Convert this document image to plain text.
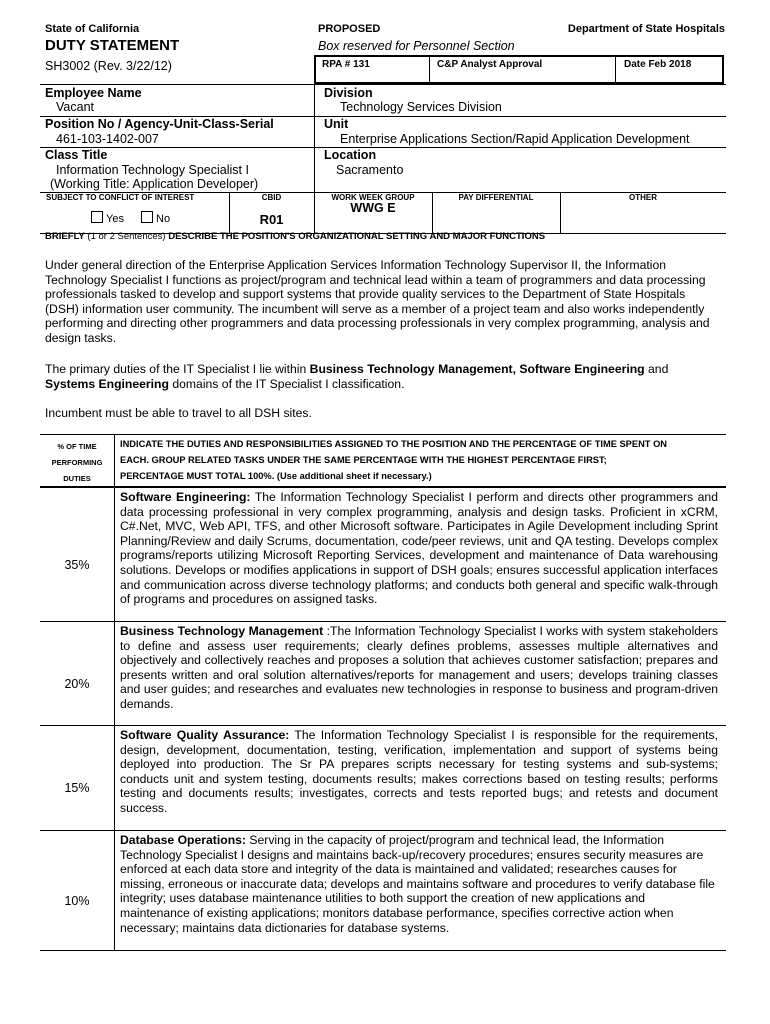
State of California
DUTY STATEMENT
SH3002 (Rev. 3/22/12)
PROPOSED	Department of State Hospitals
Box reserved for Personnel Section
RPA # 131	C&P Analyst Approval	Date Feb 2018
Employee Name
Vacant
Position No / Agency-Unit-Class-Serial
461-103-1402-007
Class Title
Information Technology Specialist I
(Working Title: Application Developer)
Division
Technology Services Division
Unit
Enterprise Applications Section/Rapid Application Development
Location
Sacramento
SUBJECT TO CONFLICT OF INTEREST
Yes	No
CBID
R01
WORK WEEK GROUP
WWG E
PAY DIFFERENTIAL	OTHER
BRIEFLY (1 or 2 Sentences) DESCRIBE THE POSITION'S ORGANIZATIONAL SETTING AND MAJOR FUNCTIONS
Under general direction of the Enterprise Application Services Information Technology Supervisor II, the Information Technology Specialist I functions as project/program and technical lead within a team of programmers and data processing professionals tasked to develop and support systems that provide quality services to the Department of State Hospitals (DSH) information user community. The incumbent will serve as a member of a project team and also works independently performing and directing other programmers and data processing professionals in very complex programming, analysis and design tasks.
The primary duties of the IT Specialist I lie within Business Technology Management, Software Engineering and Systems Engineering domains of the IT Specialist I classification.
Incumbent must be able to travel to all DSH sites.
% OF TIME
PERFORMING
DUTIES
INDICATE THE DUTIES AND RESPONSIBILITIES ASSIGNED TO THE POSITION AND THE PERCENTAGE OF TIME SPENT ON
EACH. GROUP RELATED TASKS UNDER THE SAME PERCENTAGE WITH THE HIGHEST PERCENTAGE FIRST;
PERCENTAGE MUST TOTAL 100%. (Use additional sheet if necessary.)
35%
Software Engineering: The Information Technology Specialist I perform and directs other programmers and data processing professional in very complex programming, analysis and design tasks. Proficient in xCRM, C#.Net, MVC, Web API, TFS, and other Microsoft software. Participates in Agile Development including Sprint Planning/Review and daily Scrums, documentation, code/peer reviews, unit and QA testing. Develops complex programs/reports utilizing Microsoft Reporting Services, development and maintenance of Data warehousing solutions. Develops or modifies applications in support of DSH goals; ensures successful application interfaces and communication across diverse technology platforms; and conducts both general and specific walk-through of programs and procedures on assigned tasks.
20%
Business Technology Management :The Information Technology Specialist I works with system stakeholders to define and assess user requirements; clearly defines problems, assesses multiple alternatives and objectively and collectively reaches and proposes a solution that achieves customer satisfaction; prepares and presents written and oral solution alternatives/reports for management and users; develops training classes and user guides; and researches and evaluates new technologies in response to business and program-driven demands.
15%
Software Quality Assurance: The Information Technology Specialist I is responsible for the requirements, design, development, documentation, testing, verification, implementation and support of systems being deployed into production. The Sr PA prepares scripts necessary for testing systems and sub-systems; conducts unit and system testing, documents results; makes corrections based on testing results; performs testing and documents results; investigates, corrects and tests reported bugs; and retests and document success.
10%
Database Operations: Serving in the capacity of project/program and technical lead, the Information Technology Specialist I designs and maintains back-up/recovery procedures; ensures security measures are enforced at each data store and integrity of the data is maintained and validated; researches causes for missing, erroneous or inaccurate data; develops and maintains software and procedures to verify database file integrity; uses database maintenance utilities to both support the creation of new applications and maintenance of existing applications; monitors database performance, specifies corrective action when necessary; maintains data dictionaries for database systems.
